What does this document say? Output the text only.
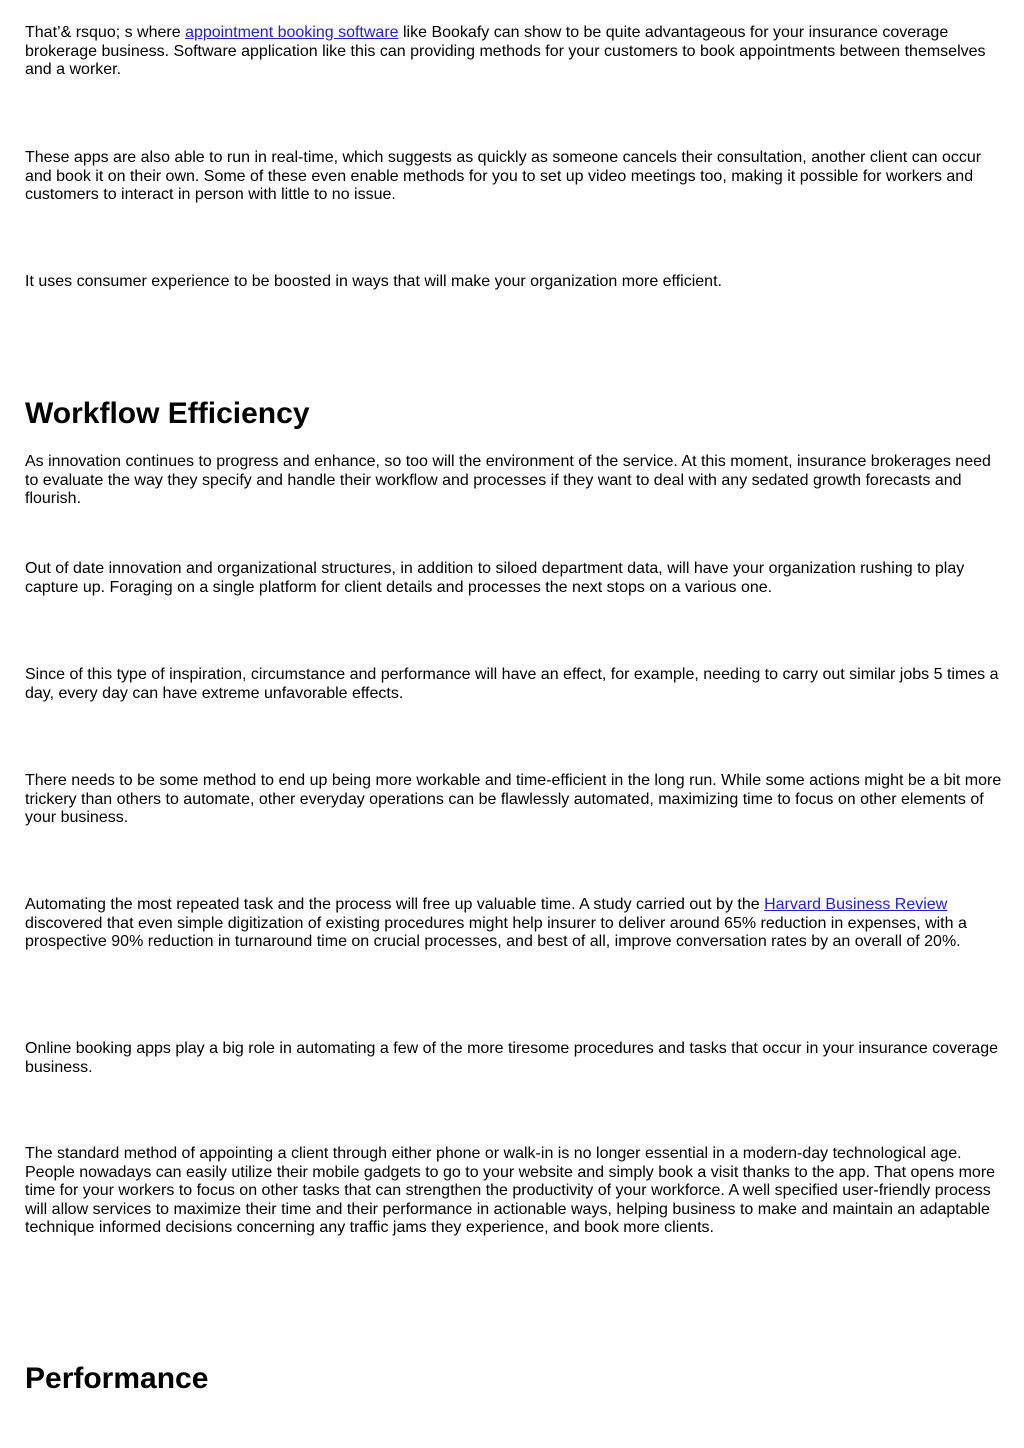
That’& rsquo; s where appointment booking software like Bookafy can show to be quite advantageous for your insurance coverage brokerage business. Software application like this can providing methods for your customers to book appointments between themselves and a worker.

These apps are also able to run in real-time, which suggests as quickly as someone cancels their consultation, another client can occur and book it on their own. Some of these even enable methods for you to set up video meetings too, making it possible for workers and customers to interact in person with little to no issue.

It uses consumer experience to be boosted in ways that will make your organization more efficient.

Workflow Efficiency

As innovation continues to progress and enhance, so too will the environment of the service. At this moment, insurance brokerages need to evaluate the way they specify and handle their workflow and processes if they want to deal with any sedated growth forecasts and flourish.

Out of date innovation and organizational structures, in addition to siloed department data, will have your organization rushing to play capture up. Foraging on a single platform for client details and processes the next stops on a various one.

Since of this type of inspiration, circumstance and performance will have an effect, for example, needing to carry out similar jobs 5 times a day, every day can have extreme unfavorable effects.

There needs to be some method to end up being more workable and time-efficient in the long run. While some actions might be a bit more trickery than others to automate, other everyday operations can be flawlessly automated, maximizing time to focus on other elements of your business.

Automating the most repeated task and the process will free up valuable time. A study carried out by the Harvard Business Review discovered that even simple digitization of existing procedures might help insurer to deliver around 65% reduction in expenses, with a prospective 90% reduction in turnaround time on crucial processes, and best of all, improve conversation rates by an overall of 20%.

Online booking apps play a big role in automating a few of the more tiresome procedures and tasks that occur in your insurance coverage business.

The standard method of appointing a client through either phone or walk-in is no longer essential in a modern-day technological age. People nowadays can easily utilize their mobile gadgets to go to your website and simply book a visit thanks to the app. That opens more time for your workers to focus on other tasks that can strengthen the productivity of your workforce. A well specified user-friendly process will allow services to maximize their time and their performance in actionable ways, helping business to make and maintain an adaptable technique informed decisions concerning any traffic jams they experience, and book more clients.

Performance
